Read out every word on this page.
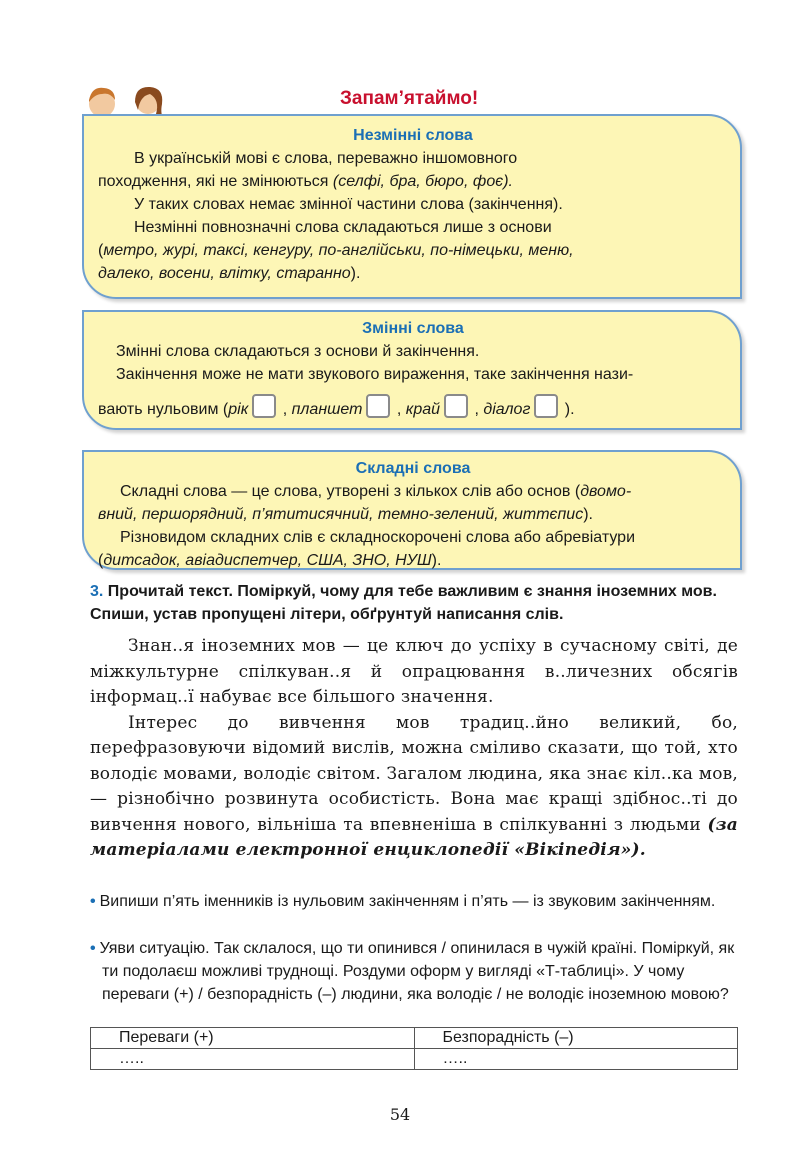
Запам’ятаймо!
Незмінні слова
В українській мові є слова, переважно іншомовного
походження, які не змінюються (селфі, бра, бюро, фоє).
У таких словах немає змінної частини слова (закінчення).
Незмінні повнозначні слова складаються лише з основи
(метро, журі, таксі, кенгуру, по-англійськи, по-німецьки, меню,
далеко, восени, влітку, старанно).
Змінні слова
Змінні слова складаються з основи й закінчення.
Закінчення може не мати звукового вираження, таке закінчення нази-
вають нульовим (рік , планшет , край , діалог ).
Складні слова
Складні слова — це слова, утворені з кількох слів або основ (двомо-
вний, першорядний, п’ятитисячний, темно-зелений, життєпис).
Різновидом складних слів є складноскорочені слова або абревіатури
(дитсадок, авіадиспетчер, США, ЗНО, НУШ).
3. Прочитай текст. Поміркуй, чому для тебе важливим є знання іноземних мов. Спиши, устав пропущені літери, обґрунтуй написання слів.

Знан..я іноземних мов — це ключ до успіху в сучасному світі, де міжкультурне спілкуван..я й опрацювання в..личезних обсягів інформац..ї набуває все більшого значення.

Інтерес до вивчення мов традиц..йно великий, бо, перефразовуючи відомий вислів, можна сміливо сказати, що той, хто володіє мовами, володіє світом. Загалом людина, яка знає кіл..ка мов, — різнобічно розвинута особистість. Вона має кращі здібнос..ті до вивчення нового, вільніша та впевненіша в спілкуванні з людьми (за матеріалами електронної енциклопедії «Вікіпедія»).

• Випиши п’ять іменників із нульовим закінченням і п’ять — із звуковим закінченням.
• Уяви ситуацію. Так склалося, що ти опинився / опинилася в чужій країні. Поміркуй, як ти подолаєш можливі труднощі. Роздуми оформ у вигляді «Т-таблиці». У чому переваги (+) / безпорадність (–) людини, яка володіє / не володіє іноземною мовою?
Переваги (+)	Безпорадність (–)
…..	…..
54
